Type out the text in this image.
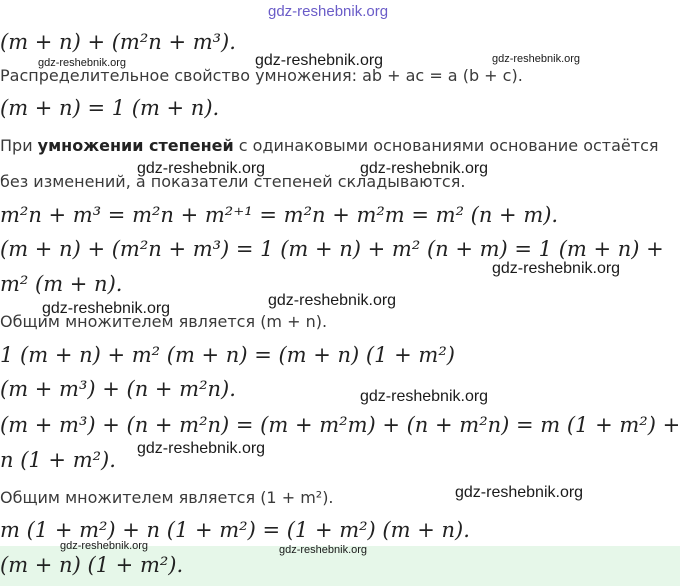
(m + n) + (m²n + m³).
Распределительное свойство умножения: ab + ac = a (b + c).
(m + n) = 1 (m + n).
При умножении степеней с одинаковыми основаниями основание остаётся
без изменений, а показатели степеней складываются.
m²n + m³ = m²n + m²⁺¹ = m²n + m²m = m² (n + m).
(m + n) + (m²n + m³) = 1 (m + n) + m² (n + m) = 1 (m + n) +
m² (m + n).
Общим множителем является (m + n).
1 (m + n) + m² (m + n) = (m + n) (1 + m²)
(m + m³) + (n + m²n).
(m + m³) + (n + m²n) = (m + m²m) + (n + m²n) = m (1 + m²) +
n (1 + m²).
Общим множителем является (1 + m²).
m (1 + m²) + n (1 + m²) = (1 + m²) (m + n).
(m + n) (1 + m²).
gdz-reshebnik.org
gdz-reshebnik.org	gdz-reshebnik.org	gdz-reshebnik.org
gdz-reshebnik.org	gdz-reshebnik.org
gdz-reshebnik.org
gdz-reshebnik.org	gdz-reshebnik.org
gdz-reshebnik.org
gdz-reshebnik.org
gdz-reshebnik.org
gdz-reshebnik.org	gdz-reshebnik.org
